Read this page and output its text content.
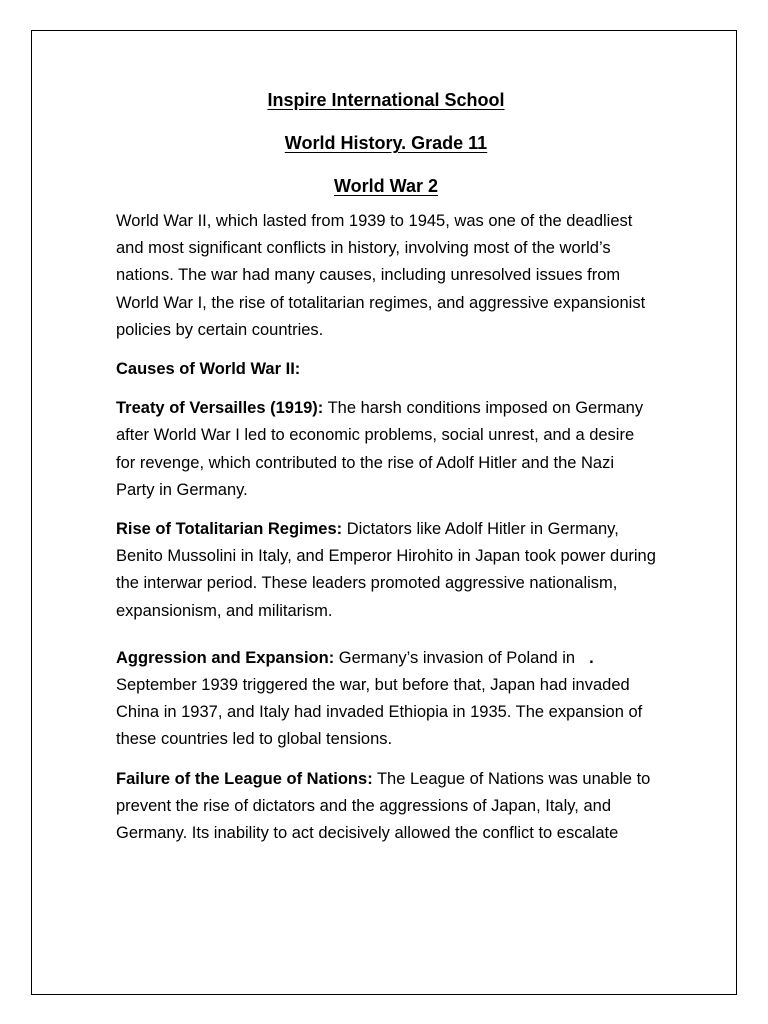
Inspire International School
World History. Grade 11
World War 2

World War II, which lasted from 1939 to 1945, was one of the deadliest and most significant conflicts in history, involving most of the world’s nations. The war had many causes, including unresolved issues from World War I, the rise of totalitarian regimes, and aggressive expansionist policies by certain countries.

Causes of World War II:

Treaty of Versailles (1919): The harsh conditions imposed on Germany after World War I led to economic problems, social unrest, and a desire for revenge, which contributed to the rise of Adolf Hitler and the Nazi Party in Germany.

Rise of Totalitarian Regimes: Dictators like Adolf Hitler in Germany, Benito Mussolini in Italy, and Emperor Hirohito in Japan took power during the interwar period. These leaders promoted aggressive nationalism, expansionism, and militarism.

Aggression and Expansion: Germany’s invasion of Poland in .
September 1939 triggered the war, but before that, Japan had invaded China in 1937, and Italy had invaded Ethiopia in 1935. The expansion of these countries led to global tensions.

Failure of the League of Nations: The League of Nations was unable to prevent the rise of dictators and the aggressions of Japan, Italy, and Germany. Its inability to act decisively allowed the conflict to escalate
